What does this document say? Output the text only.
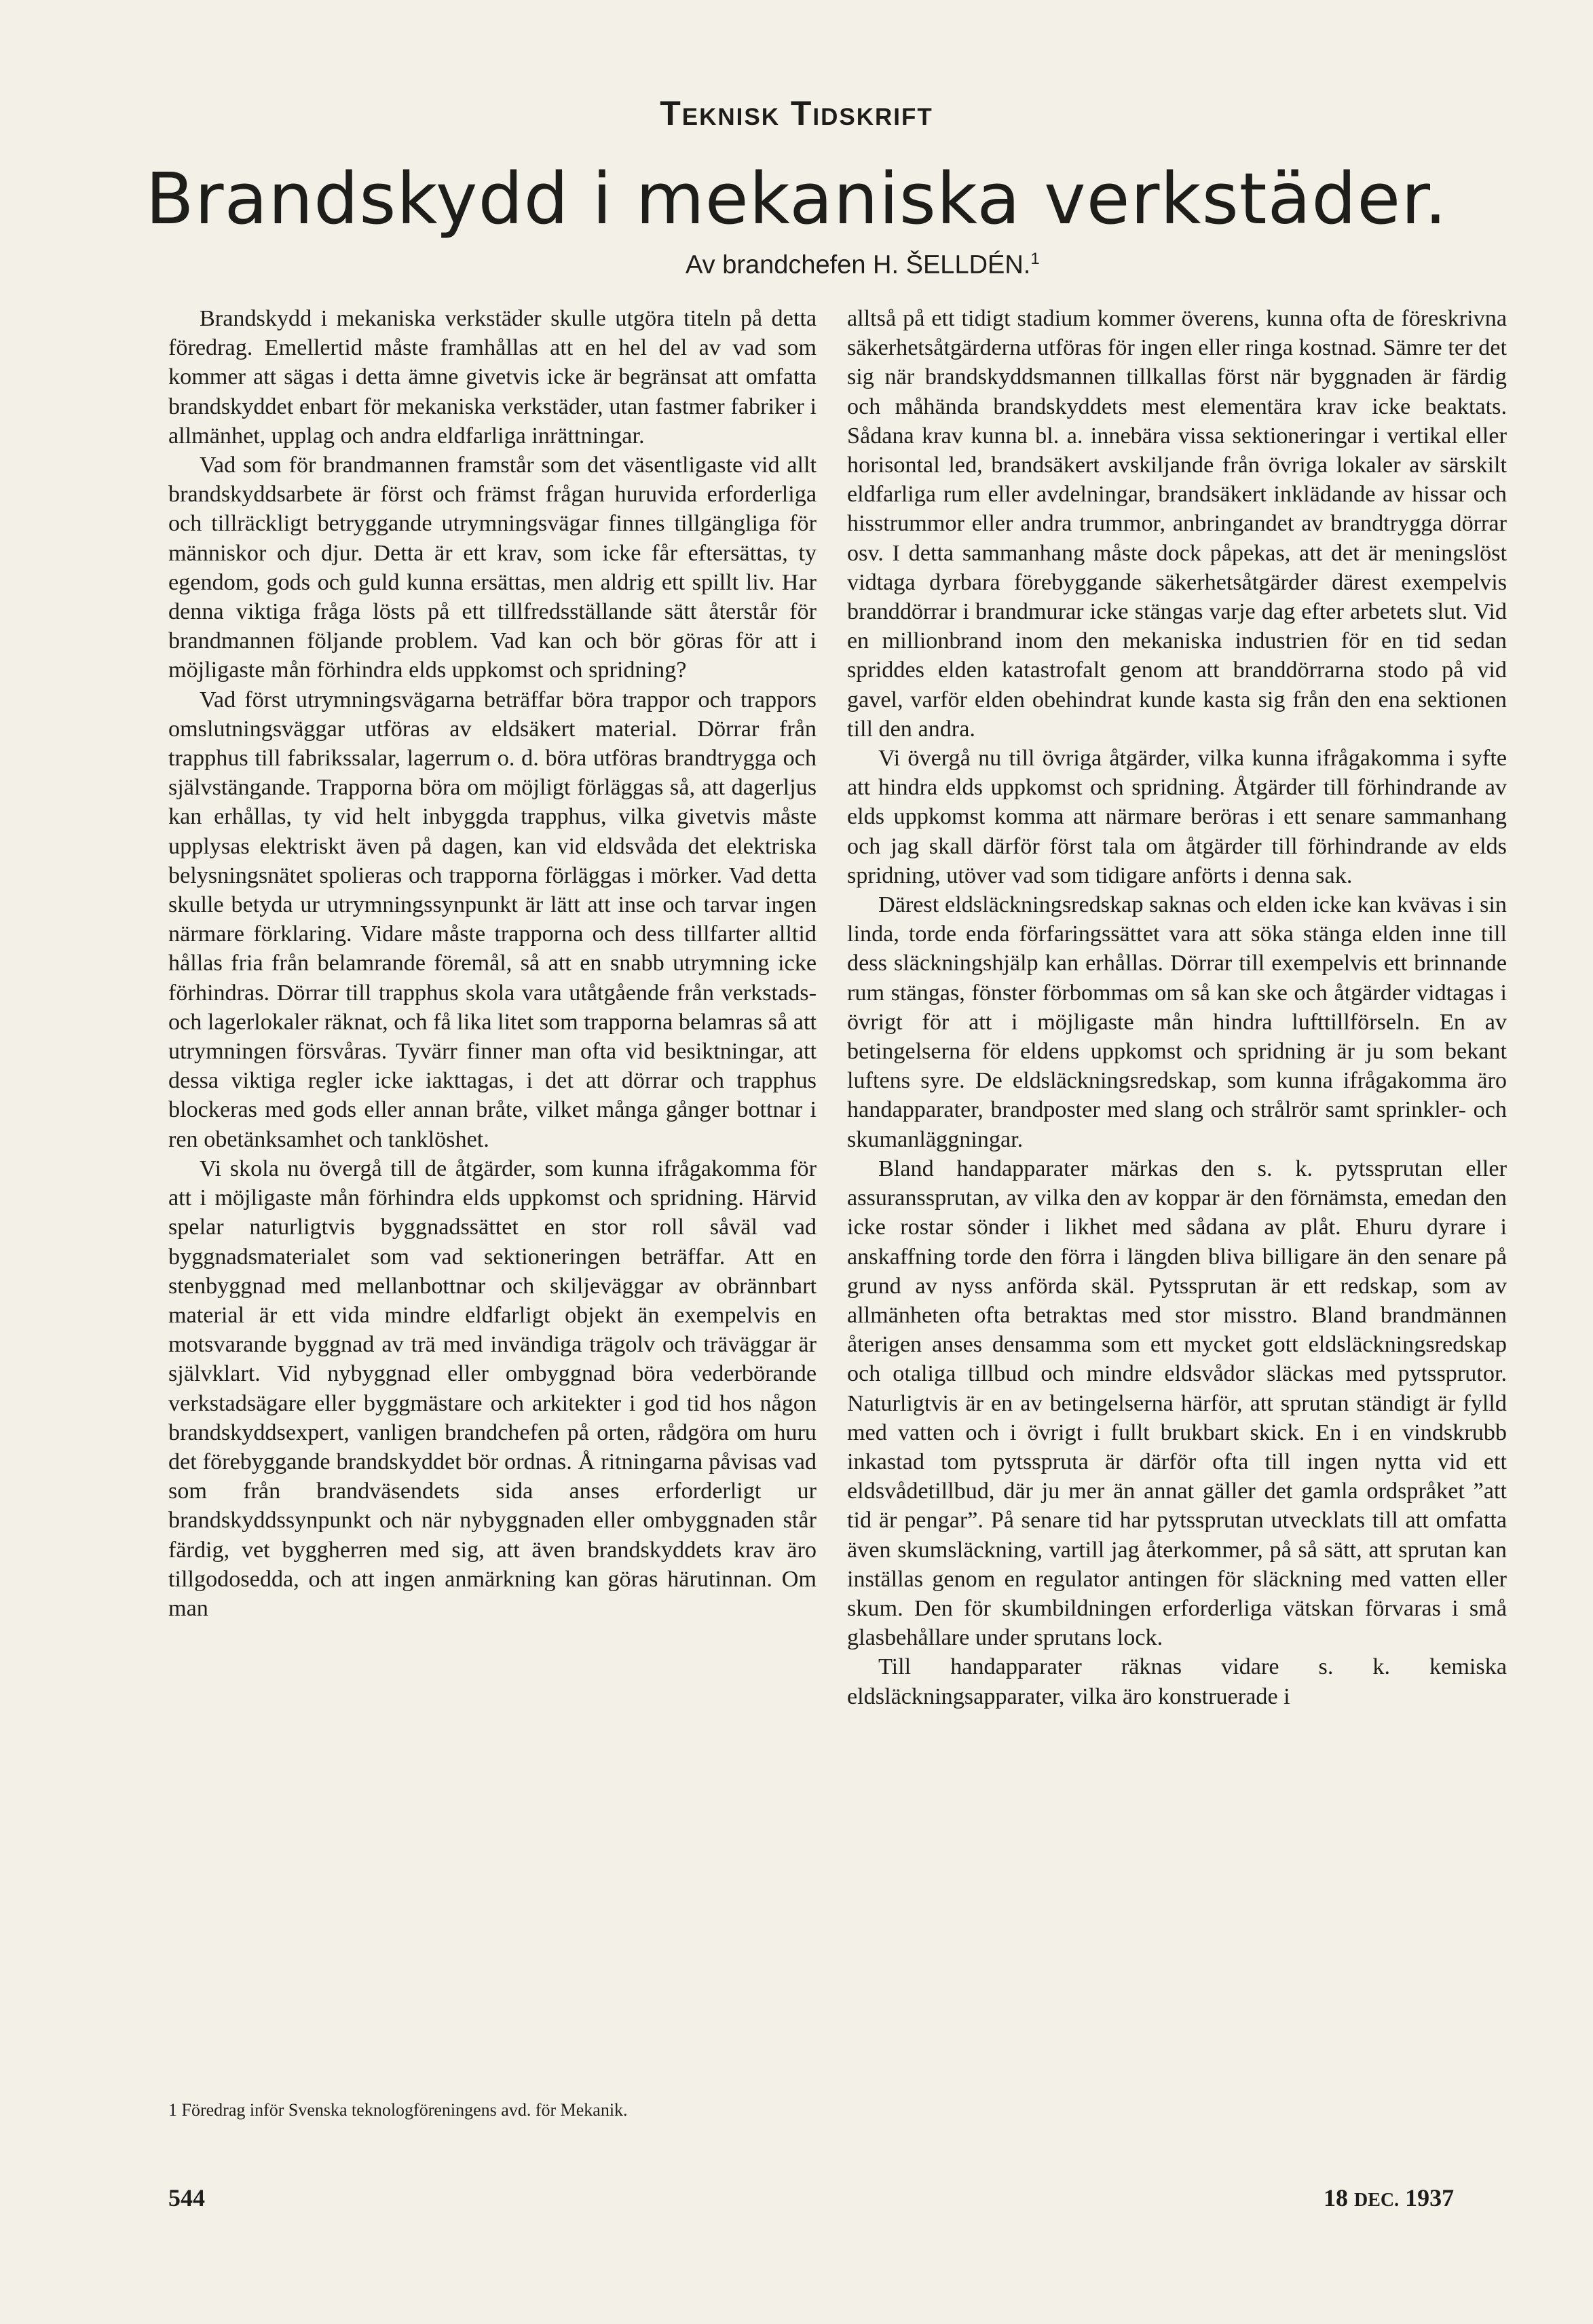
Teknisk Tidskrift
Brandskydd i mekaniska verkstäder.
Av brandchefen H. ŠELLDÉN.$^1$

Brandskydd i mekaniska verkstäder skulle utgöra titeln på detta föredrag. Emellertid måste framhållas att en hel del av vad som kommer att sägas i detta ämne givetvis icke är begränsat att omfatta brandskyddet enbart för mekaniska verkstäder, utan fastmer fabriker i allmänhet, upplag och andra eldfarliga inrättningar.

Vad som för brandmannen framstår som det väsentligaste vid allt brandskyddsarbete är först och främst frågan huruvida erforderliga och tillräckligt betryggande utrymningsvägar finnes tillgängliga för människor och djur. Detta är ett krav, som icke får eftersättas, ty egendom, gods och guld kunna ersättas, men aldrig ett spillt liv. Har denna viktiga fråga lösts på ett tillfredsställande sätt återstår för brandmannen följande problem. Vad kan och bör göras för att i möjligaste mån förhindra elds uppkomst och spridning?

Vad först utrymningsvägarna beträffar böra trappor och trappors omslutningsväggar utföras av eldsäkert material. Dörrar från trapphus till fabrikssalar, lagerrum o. d. böra utföras brandtrygga och självstängande. Trapporna böra om möjligt förläggas så, att dagerljus kan erhållas, ty vid helt inbyggda trapphus, vilka givetvis måste upplysas elektriskt även på dagen, kan vid eldsvåda det elektriska belysningsnätet spolieras och trapporna förläggas i mörker. Vad detta skulle betyda ur utrymningssynpunkt är lätt att inse och tarvar ingen närmare förklaring. Vidare måste trapporna och dess tillfarter alltid hållas fria från belamrande föremål, så att en snabb utrymning icke förhindras. Dörrar till trapphus skola vara utåtgående från verkstads- och lagerlokaler räknat, och få lika litet som trapporna belamras så att utrymningen försvåras. Tyvärr finner man ofta vid besiktningar, att dessa viktiga regler icke iakttagas, i det att dörrar och trapphus blockeras med gods eller annan bråte, vilket många gånger bottnar i ren obetänksamhet och tanklöshet.

Vi skola nu övergå till de åtgärder, som kunna ifrågakomma för att i möjligaste mån förhindra elds uppkomst och spridning. Härvid spelar naturligtvis byggnadssättet en stor roll såväl vad byggnadsmaterialet som vad sektioneringen beträffar. Att en stenbyggnad med mellanbottnar och skiljeväggar av obrännbart material är ett vida mindre eldfarligt objekt än exempelvis en motsvarande byggnad av trä med invändiga trägolv och träväggar är självklart. Vid nybyggnad eller ombyggnad böra vederbörande verkstadsägare eller byggmästare och arkitekter i god tid hos någon brandskyddsexpert, vanligen brandchefen på orten, rådgöra om huru det förebyggande brandskyddet bör ordnas. Å ritningarna påvisas vad som från brandväsendets sida anses erforderligt ur brandskyddssynpunkt och när nybyggnaden eller ombyggnaden står färdig, vet byggherren med sig, att även brandskyddets krav äro tillgodosedda, och att ingen anmärkning kan göras härutinnan. Om man

alltså på ett tidigt stadium kommer överens, kunna ofta de föreskrivna säkerhetsåtgärderna utföras för ingen eller ringa kostnad. Sämre ter det sig när brandskyddsmannen tillkallas först när byggnaden är färdig och måhända brandskyddets mest elementära krav icke beaktats. Sådana krav kunna bl. a. innebära vissa sektioneringar i vertikal eller horisontal led, brandsäkert avskiljande från övriga lokaler av särskilt eldfarliga rum eller avdelningar, brandsäkert inklädande av hissar och hisstrummor eller andra trummor, anbringandet av brandtrygga dörrar osv. I detta sammanhang måste dock påpekas, att det är meningslöst vidtaga dyrbara förebyggande säkerhetsåtgärder därest exempelvis branddörrar i brandmurar icke stängas varje dag efter arbetets slut. Vid en millionbrand inom den mekaniska industrien för en tid sedan spriddes elden katastrofalt genom att branddörrarna stodo på vid gavel, varför elden obehindrat kunde kasta sig från den ena sektionen till den andra.

Vi övergå nu till övriga åtgärder, vilka kunna ifrågakomma i syfte att hindra elds uppkomst och spridning. Åtgärder till förhindrande av elds uppkomst komma att närmare beröras i ett senare sammanhang och jag skall därför först tala om åtgärder till förhindrande av elds spridning, utöver vad som tidigare anförts i denna sak.

Därest eldsläckningsredskap saknas och elden icke kan kvävas i sin linda, torde enda förfaringssättet vara att söka stänga elden inne till dess släckningshjälp kan erhållas. Dörrar till exempelvis ett brinnande rum stängas, fönster förbommas om så kan ske och åtgärder vidtagas i övrigt för att i möjligaste mån hindra lufttillförseln. En av betingelserna för eldens uppkomst och spridning är ju som bekant luftens syre. De eldsläckningsredskap, som kunna ifrågakomma äro handapparater, brandposter med slang och strålrör samt sprinkler- och skumanläggningar.

Bland handapparater märkas den s. k. pytssprutan eller assuranssprutan, av vilka den av koppar är den förnämsta, emedan den icke rostar sönder i likhet med sådana av plåt. Ehuru dyrare i anskaffning torde den förra i längden bliva billigare än den senare på grund av nyss anförda skäl. Pytssprutan är ett redskap, som av allmänheten ofta betraktas med stor misstro. Bland brandmännen återigen anses densamma som ett mycket gott eldsläckningsredskap och otaliga tillbud och mindre eldsvådor släckas med pytssprutor. Naturligtvis är en av betingelserna härför, att sprutan ständigt är fylld med vatten och i övrigt i fullt brukbart skick. En i en vindskrubb inkastad tom pytsspruta är därför ofta till ingen nytta vid ett eldsvådetillbud, där ju mer än annat gäller det gamla ordspråket ”att tid är pengar”. På senare tid har pytssprutan utvecklats till att omfatta även skumsläckning, vartill jag återkommer, på så sätt, att sprutan kan inställas genom en regulator antingen för släckning med vatten eller skum. Den för skumbildningen erforderliga vätskan förvaras i små glasbehållare under sprutans lock.

Till handapparater räknas vidare s. k. kemiska eldsläckningsapparater, vilka äro konstruerade i

1 Föredrag inför Svenska teknologföreningens avd. för Mekanik.
544	18 DEC. 1937
